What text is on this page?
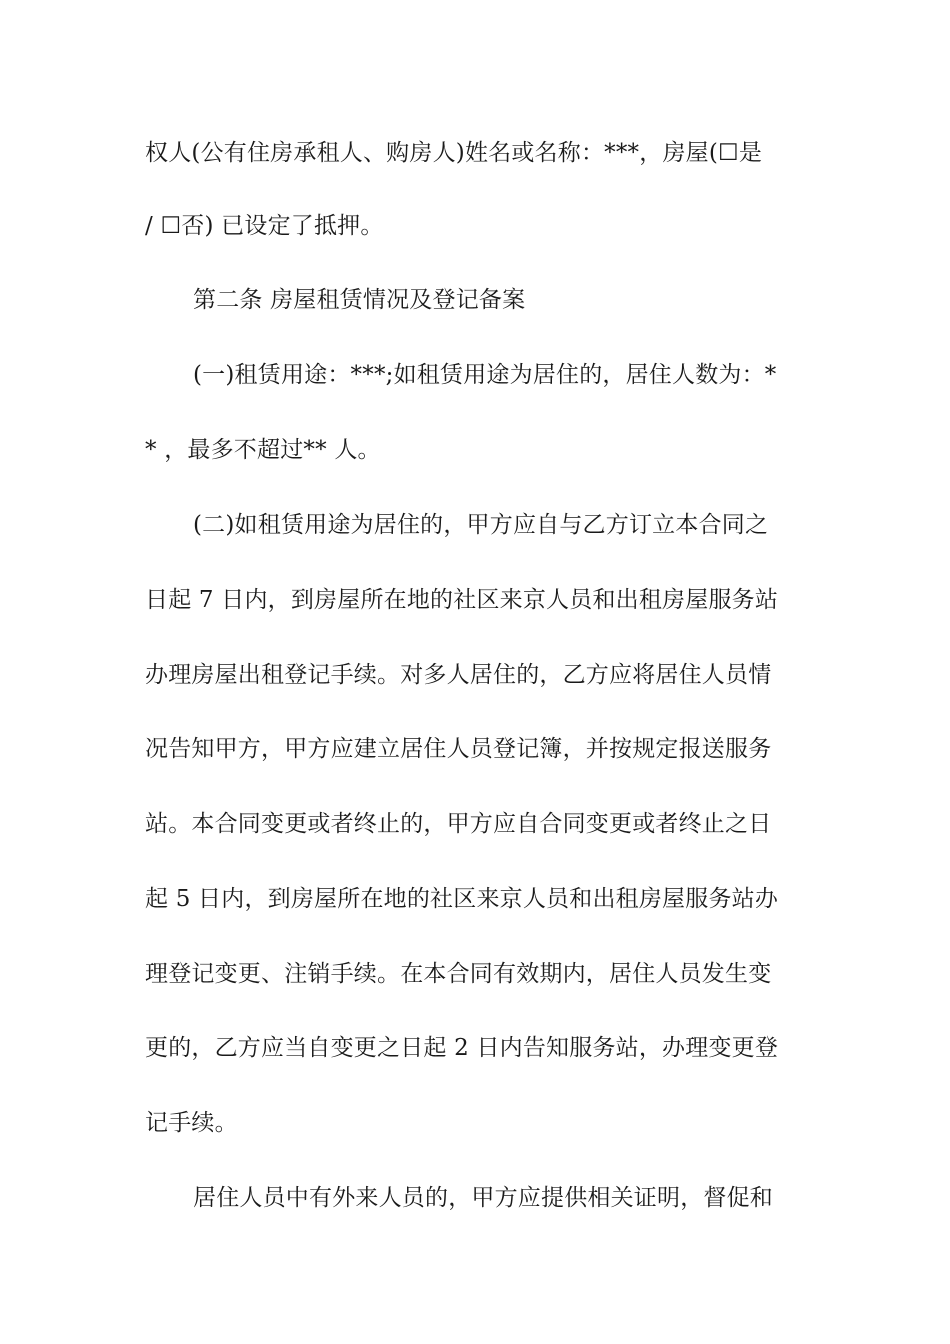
权人(公有住房承租人、购房人)姓名或名称：***，房屋(☐是

/ ☐否) 已设定了抵押。

第二条 房屋租赁情况及登记备案

(一)租赁用途：***;如租赁用途为居住的，居住人数为：*

* ，最多不超过** 人。

(二)如租赁用途为居住的，甲方应自与乙方订立本合同之

日起 7 日内，到房屋所在地的社区来京人员和出租房屋服务站

办理房屋出租登记手续。对多人居住的，乙方应将居住人员情

况告知甲方，甲方应建立居住人员登记簿，并按规定报送服务

站。本合同变更或者终止的，甲方应自合同变更或者终止之日

起 5 日内，到房屋所在地的社区来京人员和出租房屋服务站办

理登记变更、注销手续。在本合同有效期内，居住人员发生变

更的，乙方应当自变更之日起 2 日内告知服务站，办理变更登

记手续。

居住人员中有外来人员的，甲方应提供相关证明，督促和
